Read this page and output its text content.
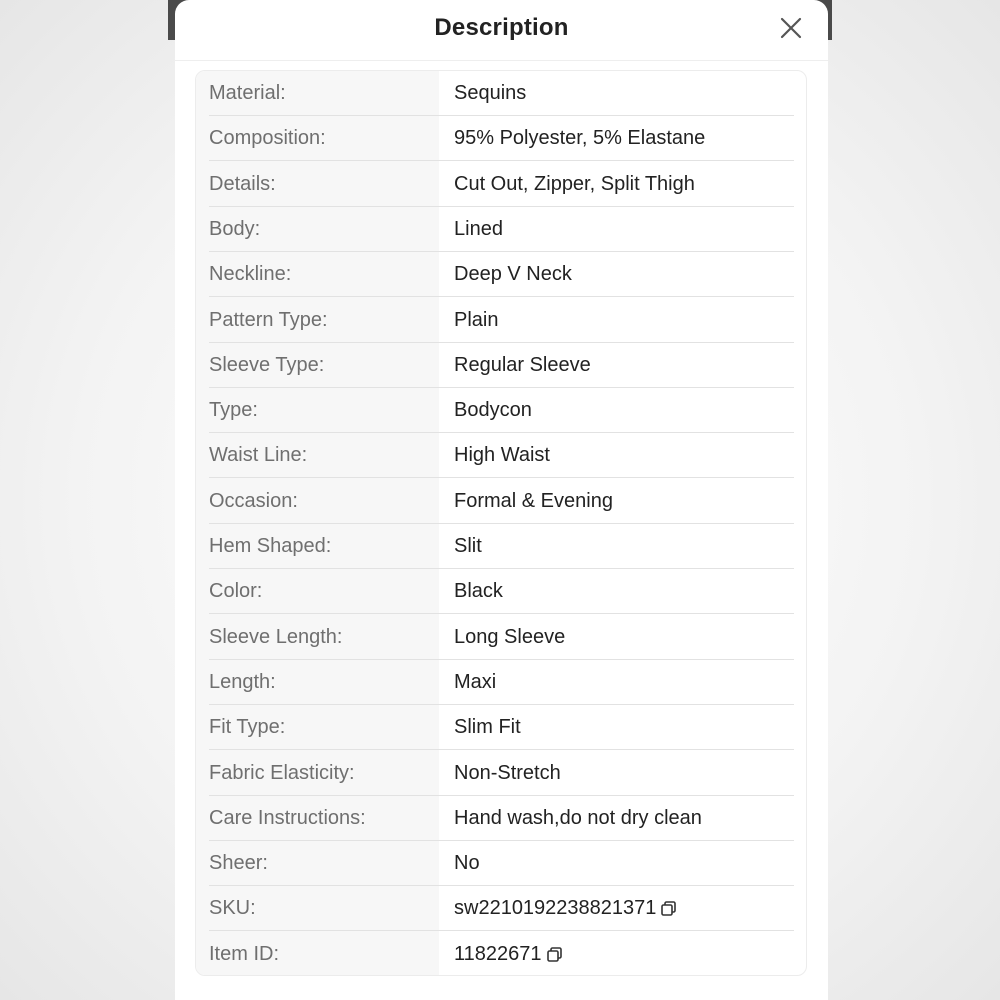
Description
Material:	Sequins
Composition:	95% Polyester, 5% Elastane
Details:	Cut Out, Zipper, Split Thigh
Body:	Lined
Neckline:	Deep V Neck
Pattern Type:	Plain
Sleeve Type:	Regular Sleeve
Type:	Bodycon
Waist Line:	High Waist
Occasion:	Formal & Evening
Hem Shaped:	Slit
Color:	Black
Sleeve Length:	Long Sleeve
Length:	Maxi
Fit Type:	Slim Fit
Fabric Elasticity:	Non-Stretch
Care Instructions:	Hand wash,do not dry clean
Sheer:	No
SKU:	sw2210192238821371
Item ID:	11822671
